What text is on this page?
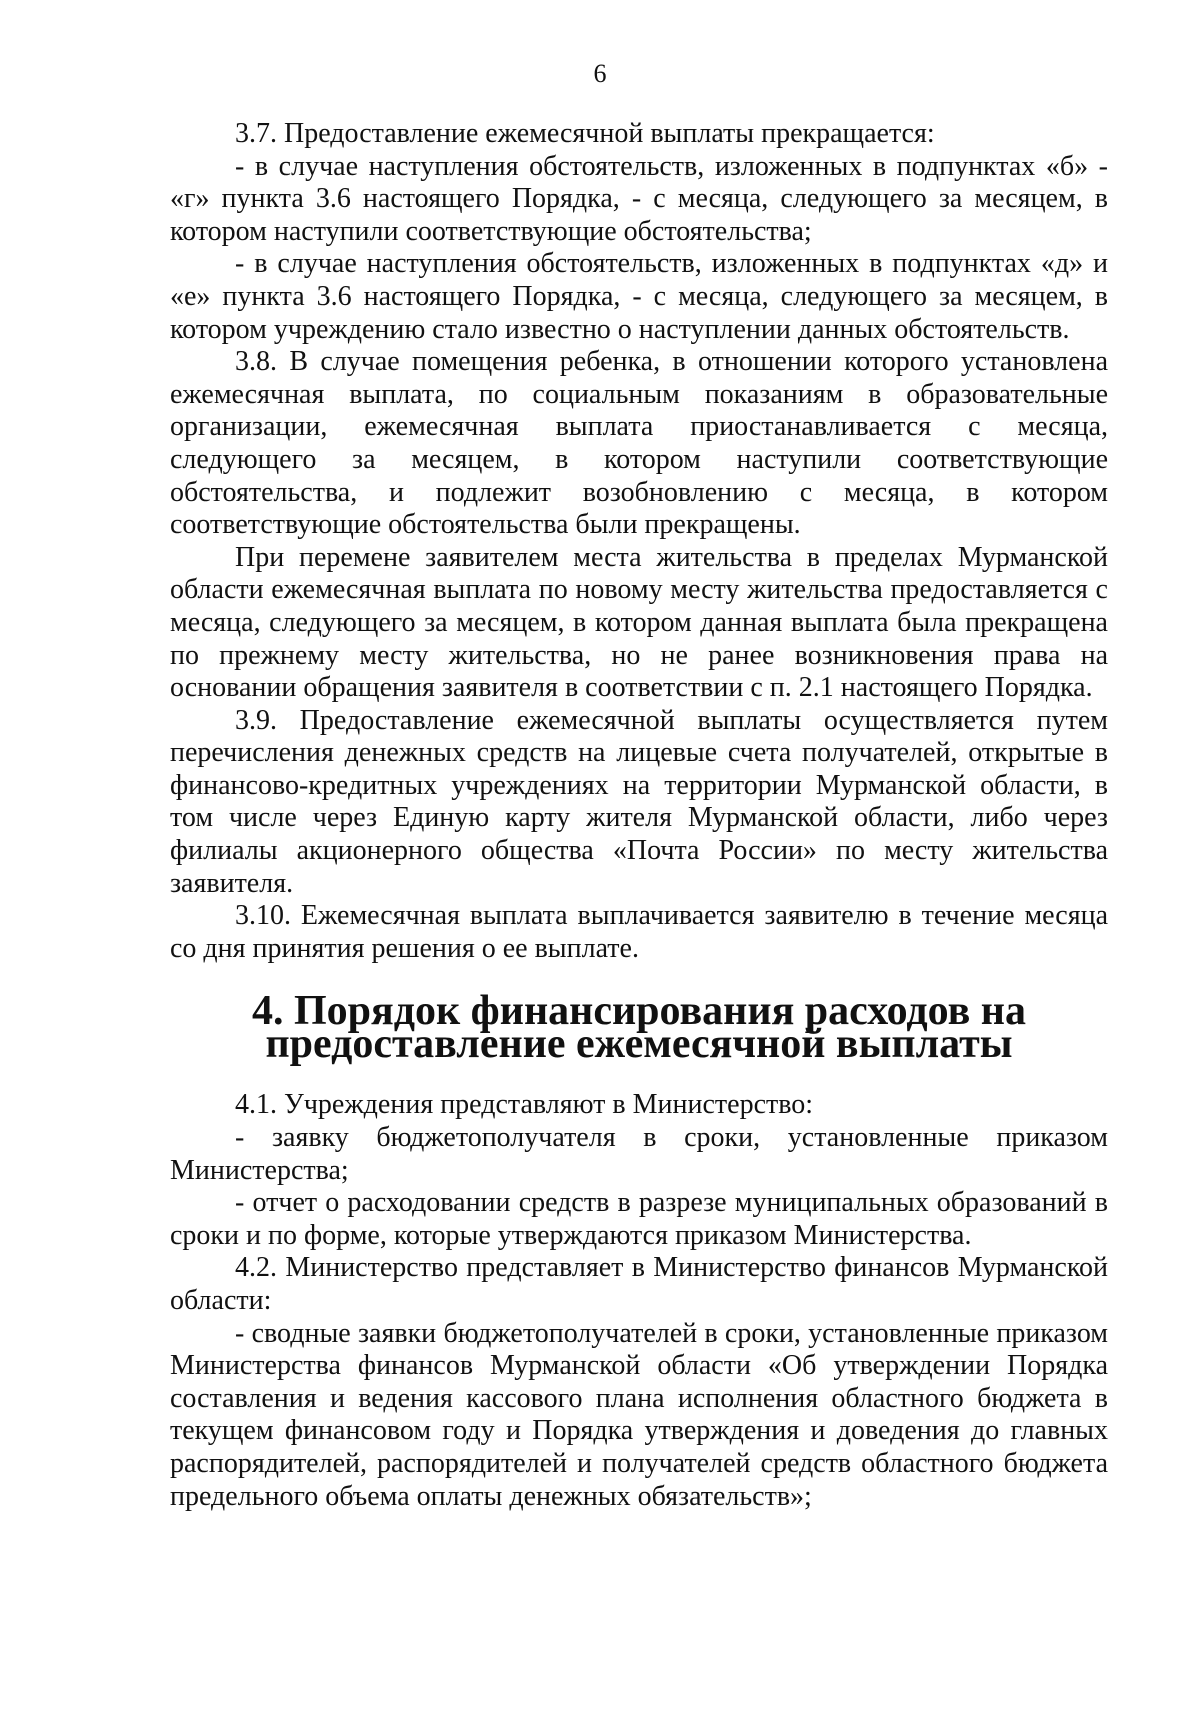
6

3.7. Предоставление ежемесячной выплаты прекращается:

- в случае наступления обстоятельств, изложенных в подпунктах «б» - «г» пункта 3.6 настоящего Порядка, - с месяца, следующего за месяцем, в котором наступили соответствующие обстоятельства;

- в случае наступления обстоятельств, изложенных в подпунктах «д» и «е» пункта 3.6 настоящего Порядка, - с месяца, следующего за месяцем, в котором учреждению стало известно о наступлении данных обстоятельств.

3.8. В случае помещения ребенка, в отношении которого установлена ежемесячная выплата, по социальным показаниям в образовательные организации, ежемесячная выплата приостанавливается с месяца, следующего за месяцем, в котором наступили соответствующие обстоятельства, и подлежит возобновлению с месяца, в котором соответствующие обстоятельства были прекращены.

При перемене заявителем места жительства в пределах Мурманской области ежемесячная выплата по новому месту жительства предоставляется с месяца, следующего за месяцем, в котором данная выплата была прекращена по прежнему месту жительства, но не ранее возникновения права на основании обращения заявителя в соответствии с п. 2.1 настоящего Порядка.

3.9. Предоставление ежемесячной выплаты осуществляется путем перечисления денежных средств на лицевые счета получателей, открытые в финансово-кредитных учреждениях на территории Мурманской области, в том числе через Единую карту жителя Мурманской области, либо через филиалы акционерного общества «Почта России» по месту жительства заявителя.

3.10. Ежемесячная выплата выплачивается заявителю в течение месяца со дня принятия решения о ее выплате.

4. Порядок финансирования расходов на предоставление ежемесячной выплаты

4.1. Учреждения представляют в Министерство:

- заявку бюджетополучателя в сроки, установленные приказом Министерства;

- отчет о расходовании средств в разрезе муниципальных образований в сроки и по форме, которые утверждаются приказом Министерства.

4.2. Министерство представляет в Министерство финансов Мурманской области:

- сводные заявки бюджетополучателей в сроки, установленные приказом Министерства финансов Мурманской области «Об утверждении Порядка составления и ведения кассового плана исполнения областного бюджета в текущем финансовом году и Порядка утверждения и доведения до главных распорядителей, распорядителей и получателей средств областного бюджета предельного объема оплаты денежных обязательств»;
